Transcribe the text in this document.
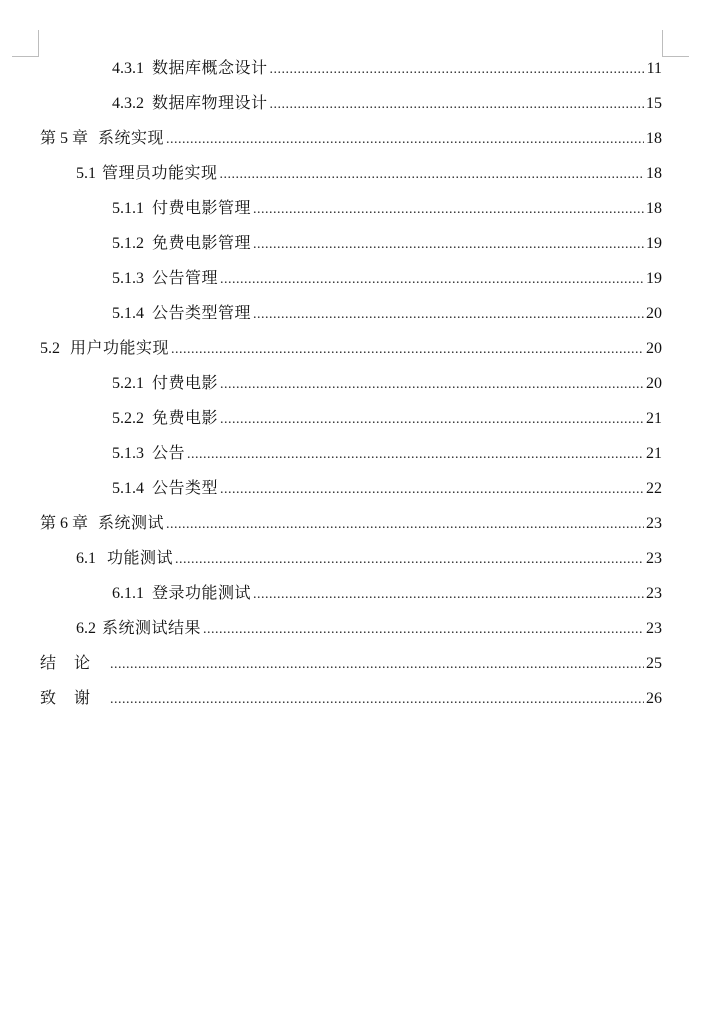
4.3.1 数据库概念设计 .....	11
4.3.2 数据库物理设计 .....	15
第 5 章 系统实现 .....	18
5.1 管理员功能实现 .....	18
5.1.1 付费电影管理 .....	18
5.1.2 免费电影管理 .....	19
5.1.3 公告管理 .....	19
5.1.4 公告类型管理 .....	20
5.2 用户功能实现 .....	20
5.2.1 付费电影 .....	20
5.2.2 免费电影 .....	21
5.1.3 公告 .....	21
5.1.4 公告类型 .....	22
第 6 章 系统测试 .....	23
6.1 功能测试 .....	23
6.1.1 登录功能测试 .....	23
6.2 系统测试结果 .....	23
结论 .....	25
致谢 .....	26
